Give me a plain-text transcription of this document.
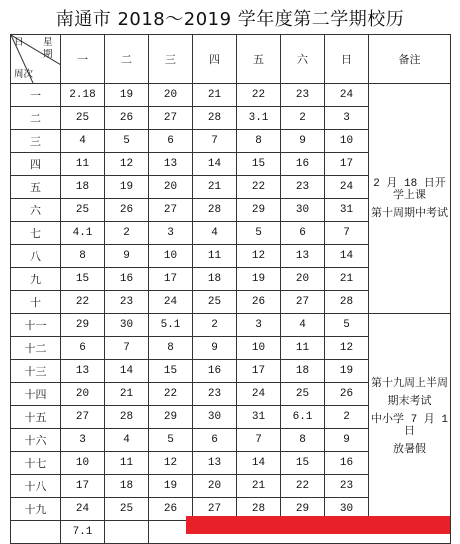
南通市 2018～2019 学年度第二学期校历
日 星
期
周次	一	二	三	四	五	六	日	备注
一	2.18	19	20	21	22	23	24	2 月 18 日开学上课
第十周期中考试

二	25	26	27	28	3.1	2	3	
三	4	5	6	7	8	9	10	
四	11	12	13	14	15	16	17	
五	18	19	20	21	22	23	24	
六	25	26	27	28	29	30	31	
七	4.1	2	3	4	5	6	7	
八	8	9	10	11	12	13	14	
九	15	16	17	18	19	20	21	
十	22	23	24	25	26	27	28	
十一	29	30	5.1	2	3	4	5	第十九周上半周
期末考试
中小学 7 月 1 日
放暑假

十二	6	7	8	9	10	11	12	
十三	13	14	15	16	17	18	19	
十四	20	21	22	23	24	25	26	
十五	27	28	29	30	31	6.1	2	
十六	3	4	5	6	7	8	9	
十七	10	11	12	13	14	15	16	
十八	17	18	19	20	21	22	23	
十九	24	25	26	27	28	29	30	
	7.1							
